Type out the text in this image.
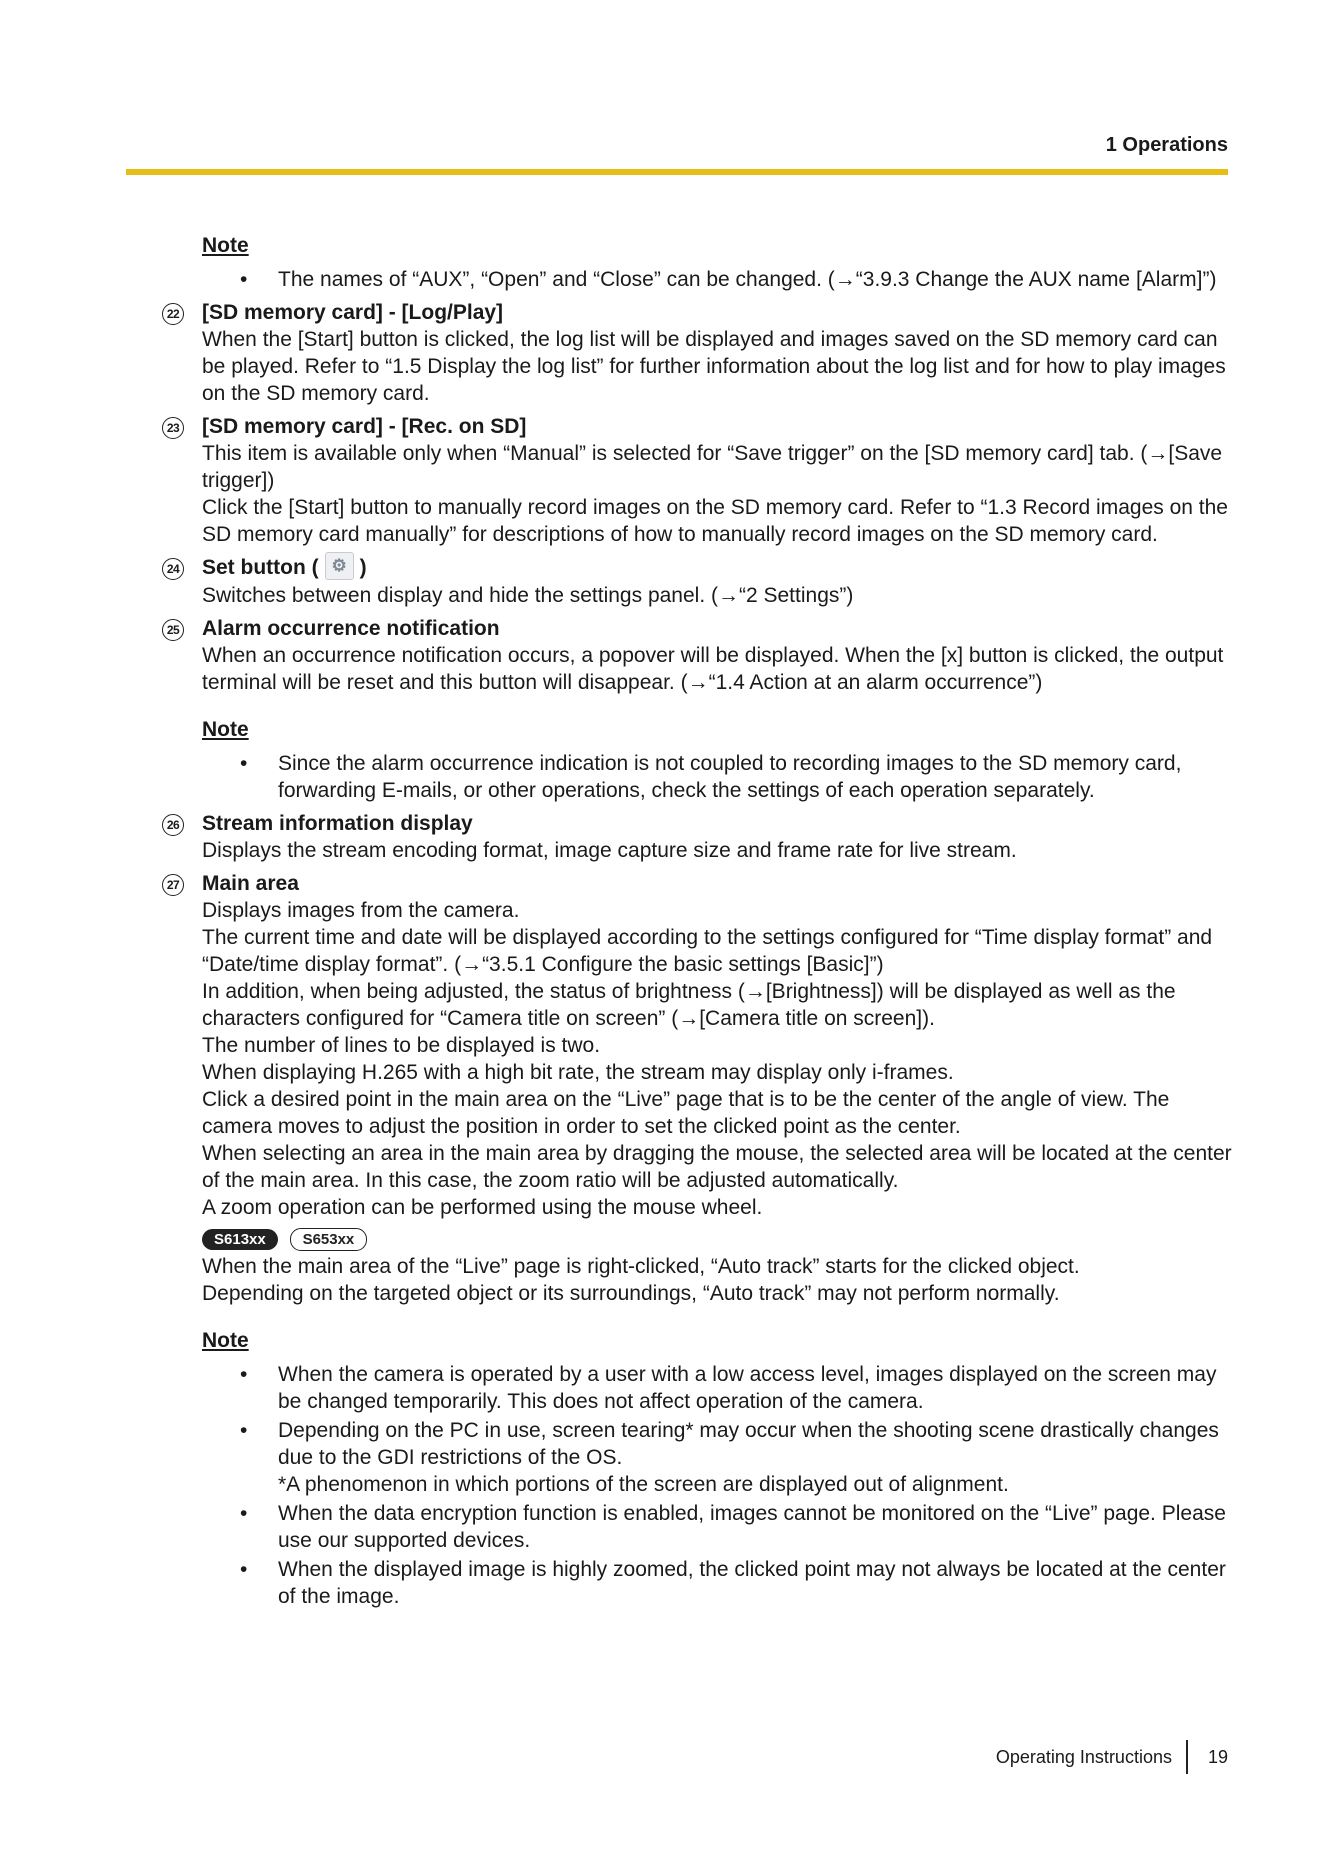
1 Operations
Note
• The names of “AUX”, “Open” and “Close” can be changed. (→“3.9.3 Change the AUX name [Alarm]”)
22 [SD memory card] - [Log/Play]

When the [Start] button is clicked, the log list will be displayed and images saved on the SD memory card can be played. Refer to “1.5 Display the log list” for further information about the log list and for how to play images on the SD memory card.

23 [SD memory card] - [Rec. on SD]

This item is available only when “Manual” is selected for “Save trigger” on the [SD memory card] tab. (→[Save trigger])

Click the [Start] button to manually record images on the SD memory card. Refer to “1.3 Record images on the SD memory card manually” for descriptions of how to manually record images on the SD memory card.

24 Set button ( ⚙ )

Switches between display and hide the settings panel. (→“2 Settings”)

25 Alarm occurrence notification

When an occurrence notification occurs, a popover will be displayed. When the [x] button is clicked, the output terminal will be reset and this button will disappear. (→“1.4 Action at an alarm occurrence”)

Note
• Since the alarm occurrence indication is not coupled to recording images to the SD memory card, forwarding E-mails, or other operations, check the settings of each operation separately.
26 Stream information display

Displays the stream encoding format, image capture size and frame rate for live stream.

27 Main area

Displays images from the camera.

The current time and date will be displayed according to the settings configured for “Time display format” and “Date/time display format”. (→“3.5.1 Configure the basic settings [Basic]”)

In addition, when being adjusted, the status of brightness (→[Brightness]) will be displayed as well as the characters configured for “Camera title on screen” (→[Camera title on screen]).

The number of lines to be displayed is two.

When displaying H.265 with a high bit rate, the stream may display only i-frames.

Click a desired point in the main area on the “Live” page that is to be the center of the angle of view. The camera moves to adjust the position in order to set the clicked point as the center.

When selecting an area in the main area by dragging the mouse, the selected area will be located at the center of the main area. In this case, the zoom ratio will be adjusted automatically.

A zoom operation can be performed using the mouse wheel.

S613xx S653xx

When the main area of the “Live” page is right-clicked, “Auto track” starts for the clicked object.

Depending on the targeted object or its surroundings, “Auto track” may not perform normally.

Note
• When the camera is operated by a user with a low access level, images displayed on the screen may be changed temporarily. This does not affect operation of the camera.
• Depending on the PC in use, screen tearing* may occur when the shooting scene drastically changes due to the GDI restrictions of the OS.
*A phenomenon in which portions of the screen are displayed out of alignment.
• When the data encryption function is enabled, images cannot be monitored on the “Live” page. Please use our supported devices.
• When the displayed image is highly zoomed, the clicked point may not always be located at the center of the image.
Operating Instructions 19
